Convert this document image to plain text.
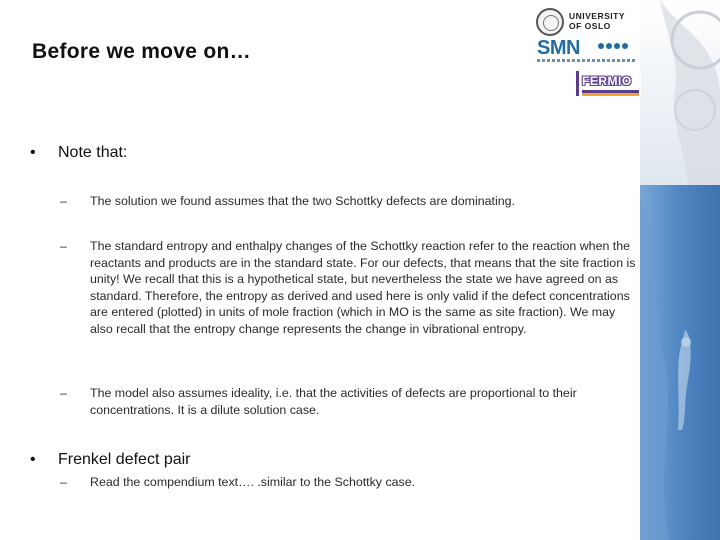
Before we move on…
UNIVERSITY
OF OSLO
SMN
FERMIO
• Note that:
– The solution we found assumes that the two Schottky defects are dominating.
– The standard entropy and enthalpy changes of the Schottky reaction refer to the reaction when the reactants and products are in the standard state. For our defects, that means that the site fraction is unity! We recall that this is a hypothetical state, but nevertheless the state we have agreed on as standard. Therefore, the entropy as derived and used here is only valid if the defect concentrations are entered (plotted) in units of mole fraction (which in MO is the same as site fraction). We may also recall that the entropy change represents the change in vibrational entropy.
– The model also assumes ideality, i.e. that the activities of defects are proportional to their concentrations. It is a dilute solution case.
• Frenkel defect pair
– Read the compendium text…. .similar to the Schottky case.
